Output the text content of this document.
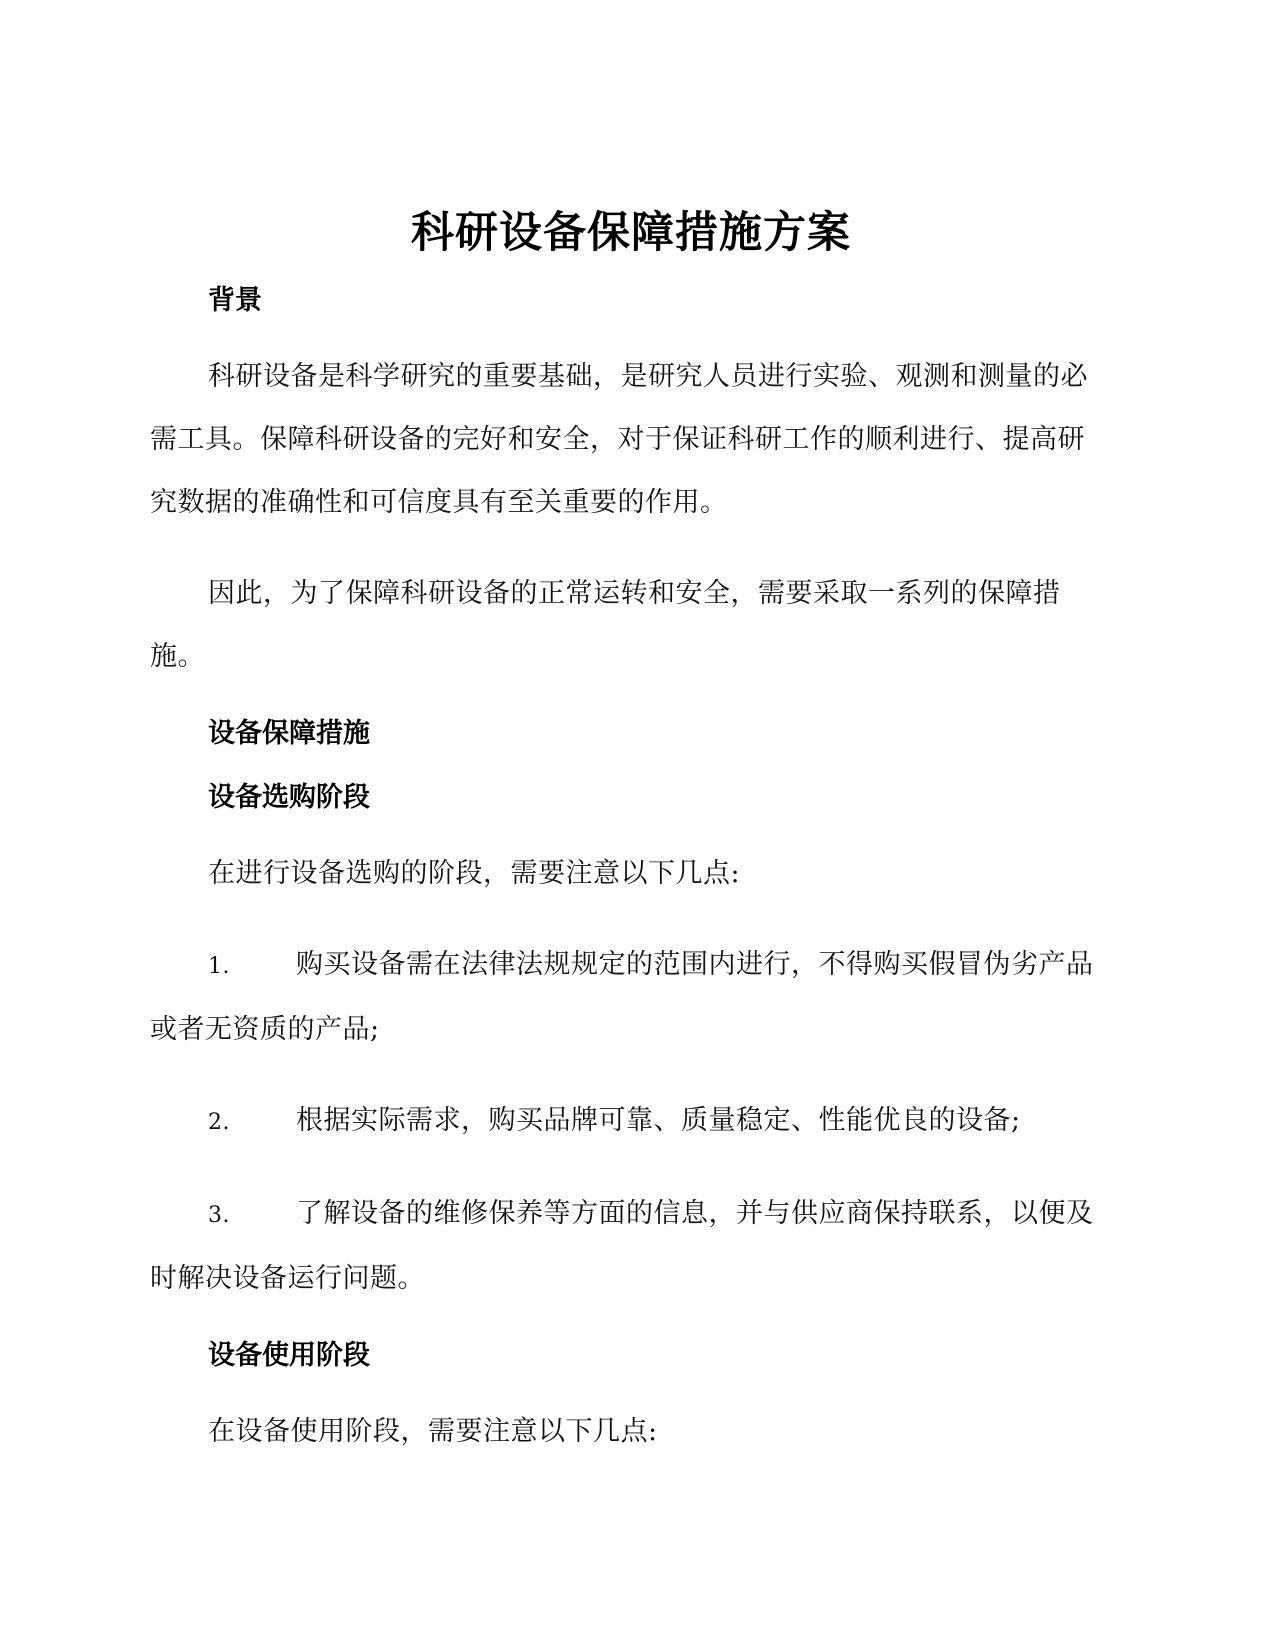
科研设备保障措施方案
背景

科研设备是科学研究的重要基础，是研究人员进行实验、观测和测量的必需工具。保障科研设备的完好和安全，对于保证科研工作的顺利进行、提高研究数据的准确性和可信度具有至关重要的作用。

因此，为了保障科研设备的正常运转和安全，需要采取一系列的保障措施。

设备保障措施
设备选购阶段

在进行设备选购的阶段，需要注意以下几点:

1. 购买设备需在法律法规规定的范围内进行，不得购买假冒伪劣产品或者无资质的产品;

2. 根据实际需求，购买品牌可靠、质量稳定、性能优良的设备;

3. 了解设备的维修保养等方面的信息，并与供应商保持联系，以便及时解决设备运行问题。

设备使用阶段

在设备使用阶段，需要注意以下几点:
